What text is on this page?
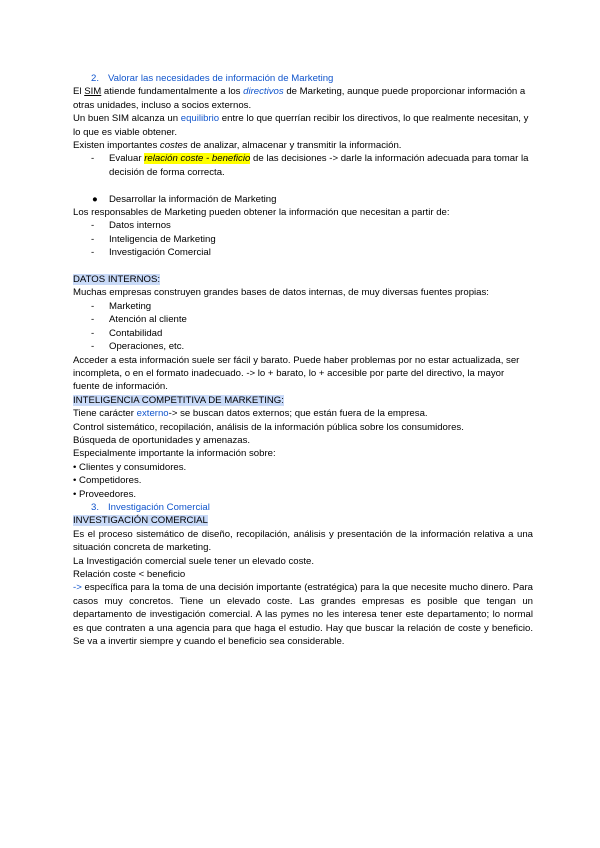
2. Valorar las necesidades de información de Marketing

El SIM atiende fundamentalmente a los directivos de Marketing, aunque puede proporcionar información a otras unidades, incluso a socios externos.

Un buen SIM alcanza un equilibrio entre lo que querrían recibir los directivos, lo que realmente necesitan, y lo que es viable obtener.

Existen importantes costes de analizar, almacenar y transmitir la información.

- Evaluar relación coste - beneficio de las decisiones -> darle la información adecuada para tomar la decisión de forma correcta.

● Desarrollar la información de Marketing

Los responsables de Marketing pueden obtener la información que necesitan a partir de:

- Datos internos
- Inteligencia de Marketing
- Investigación Comercial

DATOS INTERNOS:

Muchas empresas construyen grandes bases de datos internas, de muy diversas fuentes propias:

- Marketing
- Atención al cliente
- Contabilidad
- Operaciones, etc.

Acceder a esta información suele ser fácil y barato. Puede haber problemas por no estar actualizada, ser incompleta, o en el formato inadecuado. -> lo + barato, lo + accesible por parte del directivo, la mayor fuente de información.

INTELIGENCIA COMPETITIVA DE MARKETING:

Tiene carácter externo-> se buscan datos externos; que están fuera de la empresa.

Control sistemático, recopilación, análisis de la información pública sobre los consumidores.

Búsqueda de oportunidades y amenazas.

Especialmente importante la información sobre:

• Clientes y consumidores.

• Competidores.

• Proveedores.

3. Investigación Comercial

INVESTIGACIÓN COMERCIAL

Es el proceso sistemático de diseño, recopilación, análisis y presentación de la información relativa a una situación concreta de marketing.

La Investigación comercial suele tener un elevado coste.

Relación coste < beneficio

-> específica para la toma de una decisión importante (estratégica) para la que necesite mucho dinero. Para casos muy concretos. Tiene un elevado coste. Las grandes empresas es posible que tengan un departamento de investigación comercial. A las pymes no les interesa tener este departamento; lo normal es que contraten a una agencia para que haga el estudio. Hay que buscar la relación de coste y beneficio. Se va a invertir siempre y cuando el beneficio sea considerable.
